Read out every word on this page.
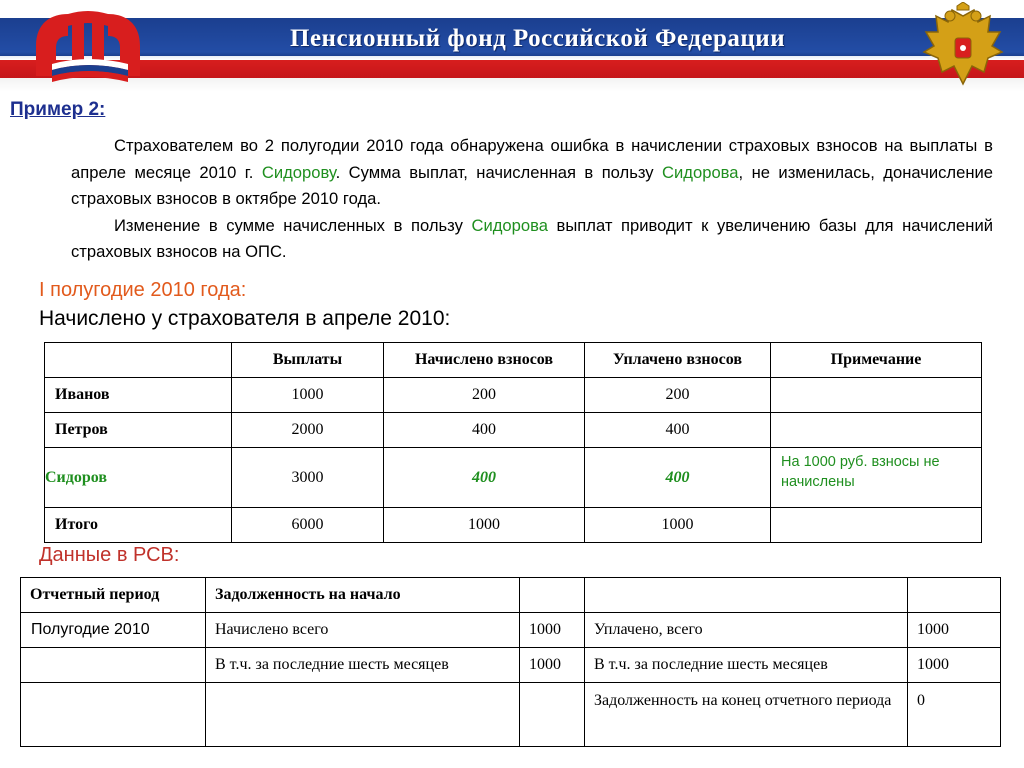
Пенсионный фонд Российской Федерации
Пример 2:

Страхователем во 2 полугодии 2010 года обнаружена ошибка в начислении страховых взносов на выплаты в апреле месяце 2010 г. Сидорову. Сумма выплат, начисленная в пользу Сидорова, не изменилась, доначисление страховых взносов в октябре 2010 года.

Изменение в сумме начисленных в пользу Сидорова выплат приводит к увеличению базы для начислений страховых взносов на ОПС.

I полугодие 2010 года:
Начислено у страхователя в апреле 2010:
	Выплаты	Начислено взносов	Уплачено взносов	Примечание
Иванов	1000	200	200	
Петров	2000	400	400	
Сидоров	3000	400	400	На 1000 руб. взносы не начислены
Итого	6000	1000	1000	
Данные в РСВ:
Отчетный период	Задолженность на начало			
Полугодие 2010	Начислено всего	1000	Уплачено, всего	1000
	В т.ч. за последние шесть месяцев	1000	В т.ч. за последние шесть месяцев	1000
			Задолженность на конец отчетного периода	0
